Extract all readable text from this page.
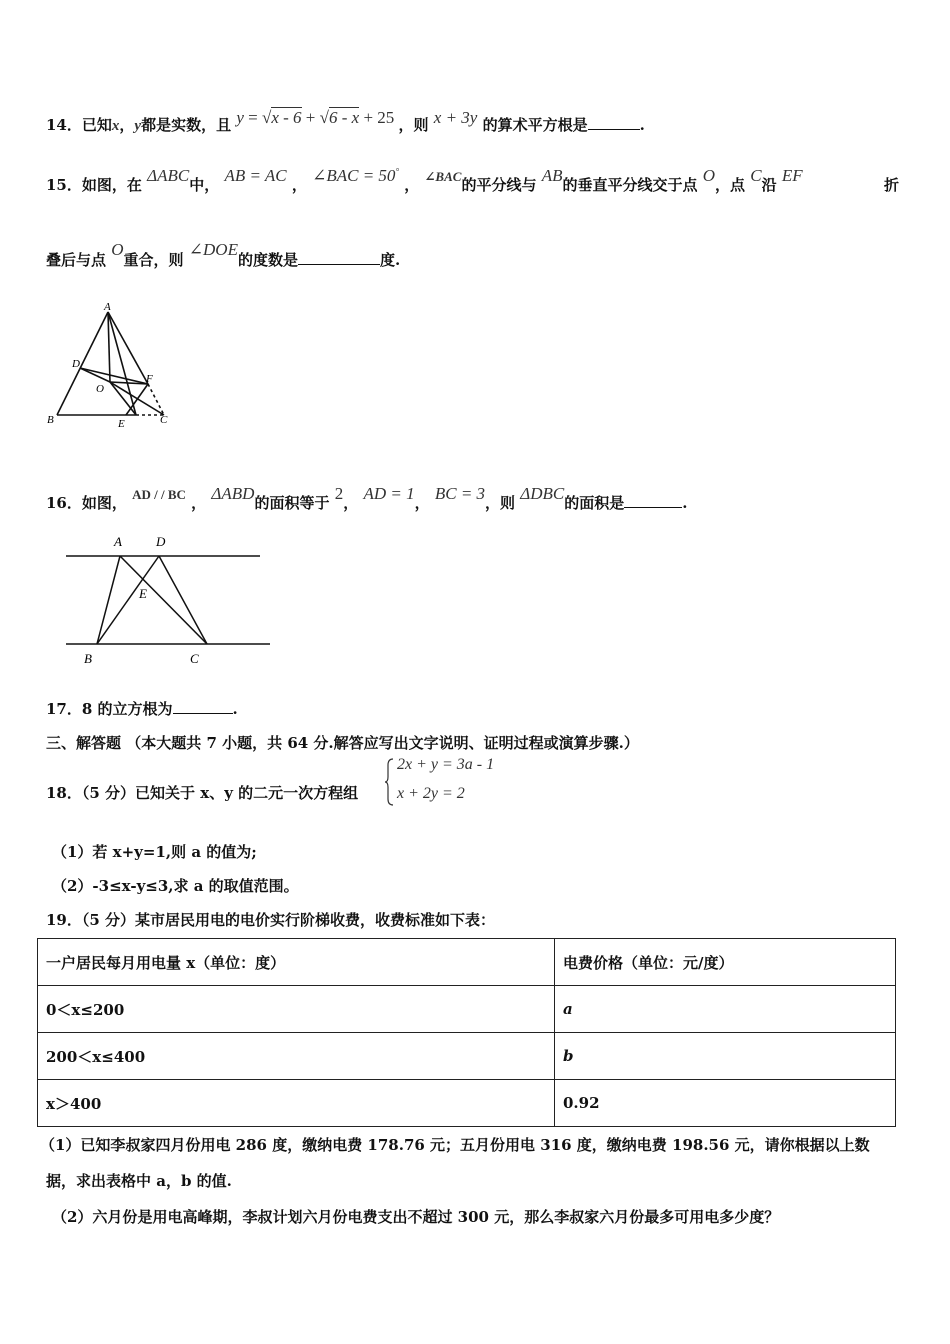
14．已知x，y都是实数，且 y = √x - 6 + √6 - x + 25 ，则 x + 3y 的算术平方根是	.
15．如图，在 ΔABC中， AB = AC ， ∠BAC = 50° ， ∠BAC的平分线与 AB的垂直平分线交于点 O，点 C沿 EF	折
叠后与点 O重合，则 ∠DOE的度数是	度.
A
D
O
F
B	E	C
16．如图， AD / / BC ， ΔABD的面积等于 2， AD = 1， BC = 3，则 ΔDBC的面积是	.
A	D
E
B	C
17．8 的立方根为	.
三、解答题 （本大题共 7 小题，共 64 分.解答应写出文字说明、证明过程或演算步骤.）
18．（5 分）已知关于 x、y 的二元一次方程组
2x + y = 3a - 1
x + 2y = 2
（1）若 x+y=1,则 a 的值为;
（2）-3≤x-y≤3,求 a 的取值范围。
19．（5 分）某市居民用电的电价实行阶梯收费，收费标准如下表：
一户居民每月用电量 x（单位：度）	电费价格（单位：元/度）
0＜x≤200	a
200＜x≤400	b
x＞400	0.92
（1）已知李叔家四月份用电 286 度，缴纳电费 178.76 元；五月份用电 316 度，缴纳电费 198.56 元，请你根据以上数
据，求出表格中 a，b 的值.
（2）六月份是用电高峰期，李叔计划六月份电费支出不超过 300 元，那么李叔家六月份最多可用电多少度？
